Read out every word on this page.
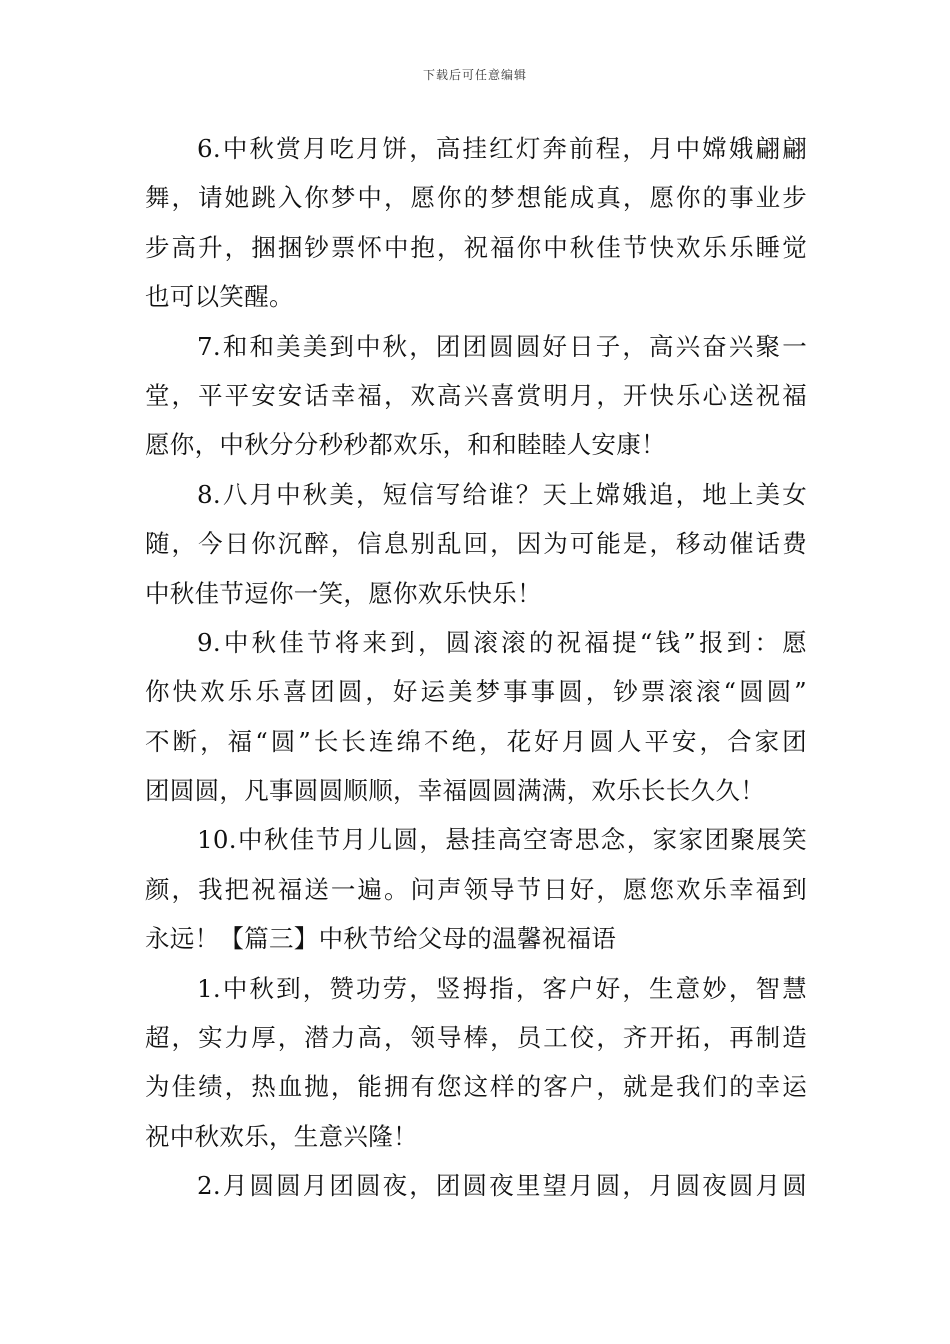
下载后可任意编辑
6.中秋赏月吃月饼，高挂红灯奔前程，月中嫦娥翩翩
舞，请她跳入你梦中，愿你的梦想能成真，愿你的事业步
步高升，捆捆钞票怀中抱，祝福你中秋佳节快欢乐乐睡觉
也可以笑醒。
7.和和美美到中秋，团团圆圆好日子，高兴奋兴聚一
堂，平平安安话幸福，欢高兴喜赏明月，开快乐心送祝福
愿你，中秋分分秒秒都欢乐，和和睦睦人安康！
8.八月中秋美，短信写给谁？天上嫦娥追，地上美女
随，今日你沉醉，信息别乱回，因为可能是，移动催话费
中秋佳节逗你一笑，愿你欢乐快乐！
9.中秋佳节将来到，圆滚滚的祝福提“钱”报到：愿
你快欢乐乐喜团圆，好运美梦事事圆，钞票滚滚“圆圆”
不断，福“圆”长长连绵不绝，花好月圆人平安，合家团
团圆圆，凡事圆圆顺顺，幸福圆圆满满，欢乐长长久久！
10.中秋佳节月儿圆，悬挂高空寄思念，家家团聚展笑
颜，我把祝福送一遍。问声领导节日好，愿您欢乐幸福到
永远！【篇三】中秋节给父母的温馨祝福语
1.中秋到，赞功劳，竖拇指，客户好，生意妙，智慧
超，实力厚，潜力高，领导棒，员工佼，齐开拓，再制造
为佳绩，热血抛，能拥有您这样的客户，就是我们的幸运
祝中秋欢乐，生意兴隆！
2.月圆圆月团圆夜，团圆夜里望月圆，月圆夜圆月圆
